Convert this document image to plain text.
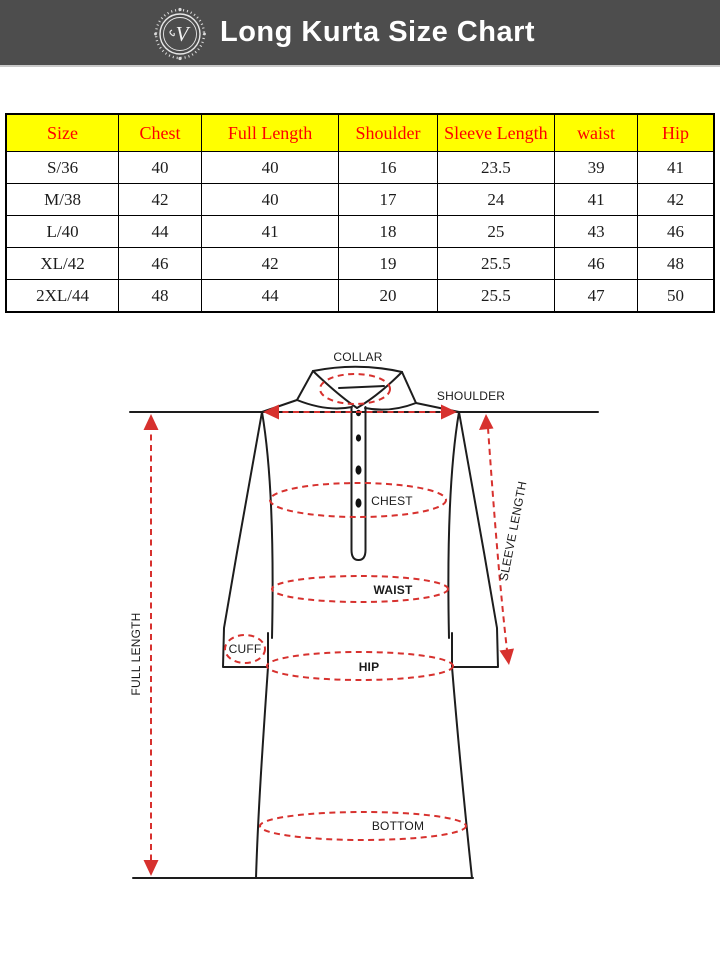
V Long Kurta Size Chart
Size	Chest	Full Length	Shoulder	Sleeve Length	waist	Hip
S/36	40	40	16	23.5	39	41
M/38	42	40	17	24	41	42
L/40	44	41	18	25	43	46
XL/42	46	42	19	25.5	46	48
2XL/44	48	44	20	25.5	47	50
COLLAR
SHOULDER
CHEST
WAIST
CUFF
HIP
BOTTOM
FULL LENGTH
SLEEVE LENGTH
